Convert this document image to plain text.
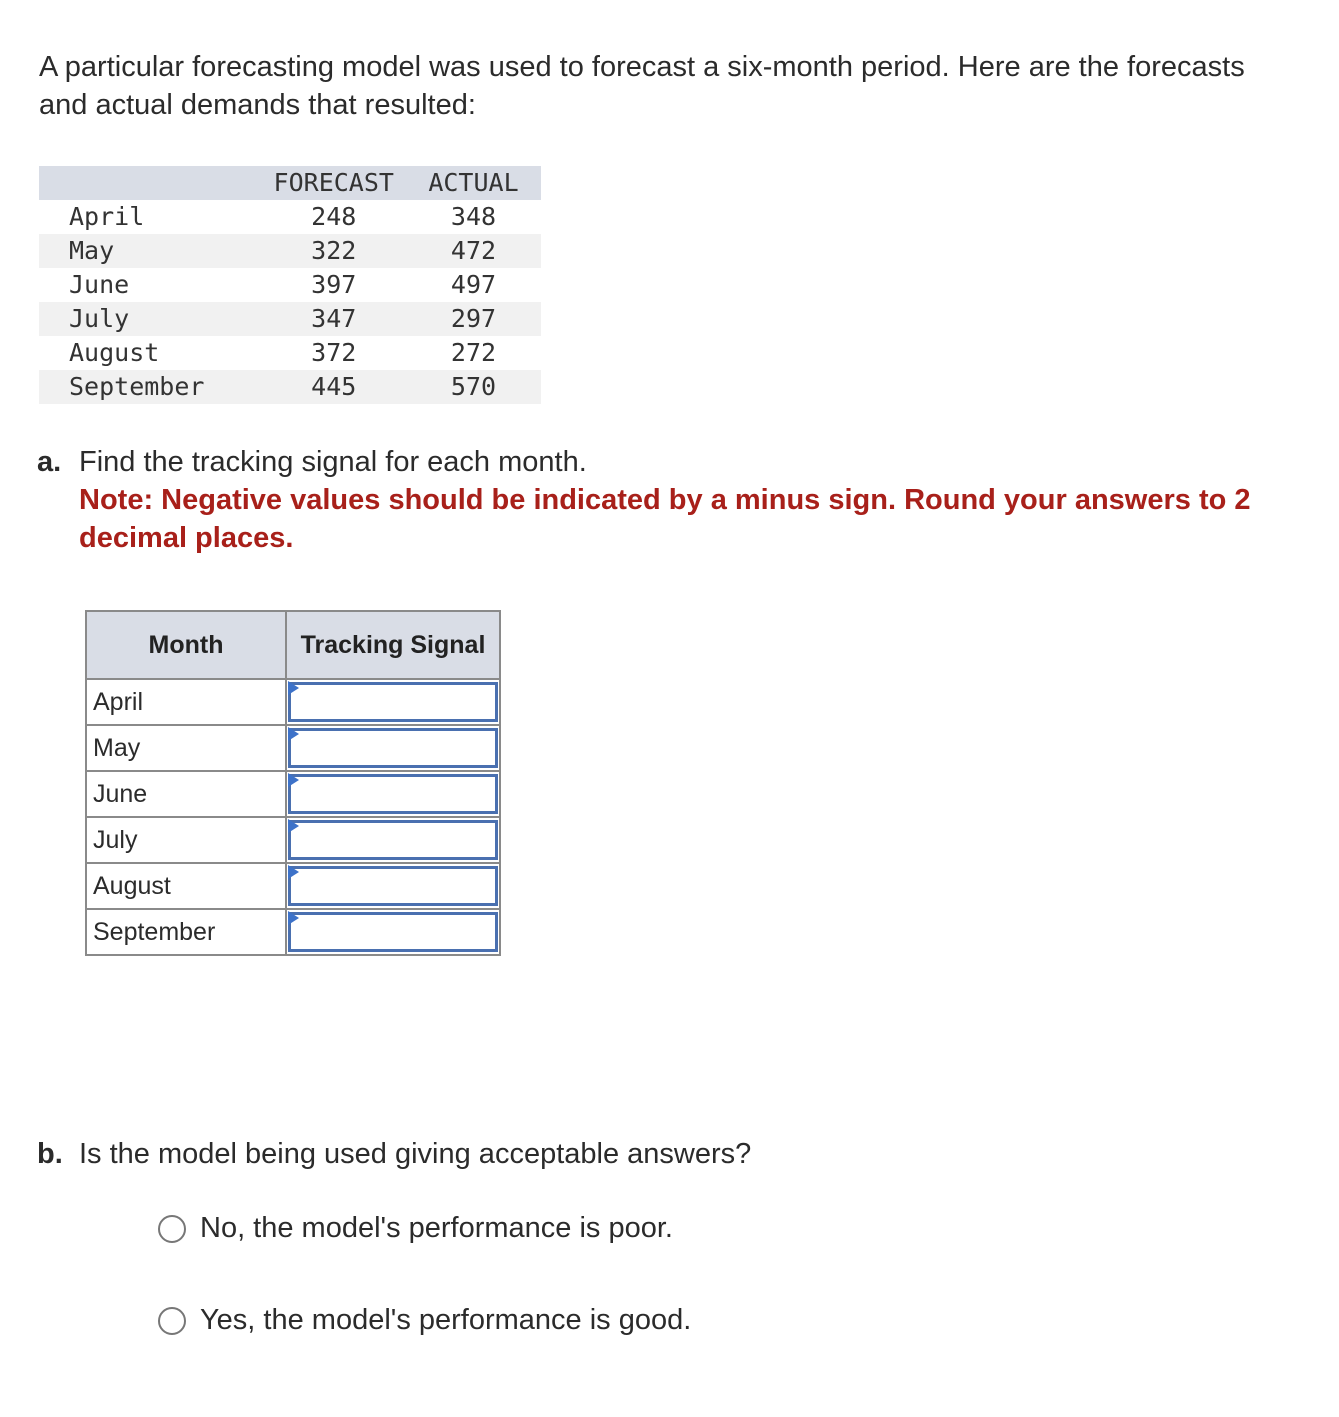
A particular forecasting model was used to forecast a six-month period. Here are the forecasts and actual demands that resulted:

	FORECAST	ACTUAL
April	248	348
May	322	472
June	397	497
July	347	297
August	372	272
September	445	570
a. Find the tracking signal for each month.
Note: Negative values should be indicated by a minus sign. Round your answers to 2 decimal places.
Month	Tracking Signal
April	

May	

June	

July	

August	

September	
b. Is the model being used giving acceptable answers?
No, the model's performance is poor.
Yes, the model's performance is good.
